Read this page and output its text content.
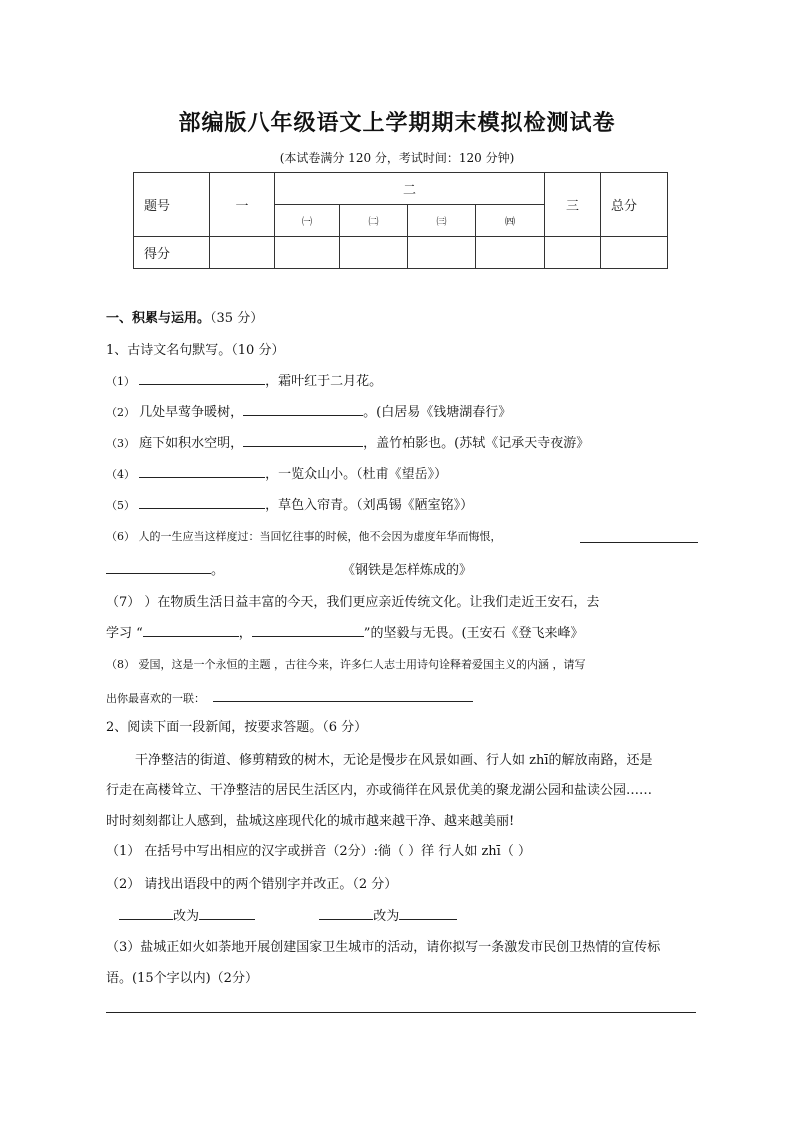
部编版八年级语文上学期期末模拟检测试卷
(本试卷满分 120 分，考试时间：120 分钟)
题号	一	二				三	总分
		㈠	㈡	㈢	㈣		
得分							
一、积累与运用。（35 分）
1、古诗文名句默写。（10 分）
（1）	，霜叶红于二月花。
（2） 几处早莺争暖树，	。(白居易《钱塘湖春行》
（3） 庭下如积水空明，	，盖竹柏影也。(苏轼《记承天寺夜游》
（4）	，一览众山小。（杜甫《望岳》）
（5）	，草色入帘青。（刘禹锡《陋室铭》）
（6） 人的一生应当这样度过：当回忆往事的时候，他不会因为虚度年华而悔恨，
。	《钢铁是怎样炼成的》
（7） ）在物质生活日益丰富的今天，我们更应亲近传统文化。让我们走近王安石，去
学习 “	，	”的坚毅与无畏。(王安石《登飞来峰》
（8） 爱国，这是一个永恒的主题 ，古往今来，许多仁人志士用诗句诠释着爱国主义的内涵 ，请写
出你最喜欢的一联：
2、阅读下面一段新闻，按要求答题。（6 分）
干净整洁的街道、修剪精致的树木，无论是慢步在风景如画、行人如 zhī的解放南路，还是
行走在高楼耸立、干净整洁的居民生活区内，亦或徜徉在风景优美的聚龙湖公园和盐读公园……
时时刻刻都让人感到，盐城这座现代化的城市越来越干净、越来越美丽!
（1） 在括号中写出相应的汉字或拼音（2分）:徜（ ）徉 行人如 zhī（ ）
（2） 请找出语段中的两个错别字并改正。（2 分）
改为	改为
（3）盐城正如火如荼地开展创建国家卫生城市的活动，请你拟写一条激发市民创卫热情的宣传标
语。(15个字以内)（2分）
